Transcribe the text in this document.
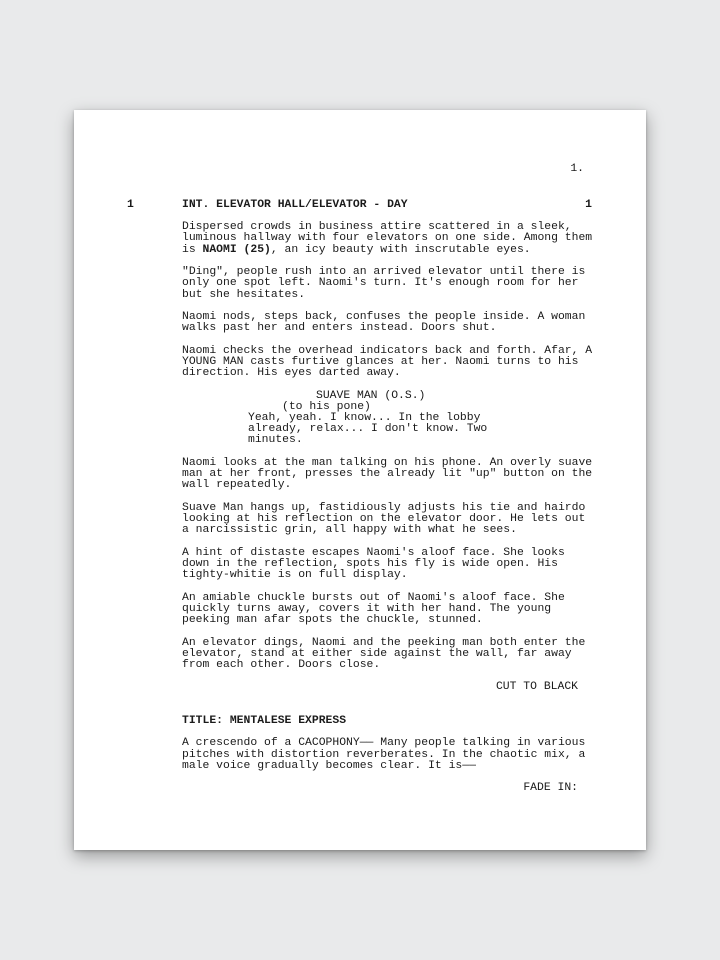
1.
1	1
INT. ELEVATOR HALL/ELEVATOR - DAY
Dispersed crowds in business attire scattered in a sleek,
luminous hallway with four elevators on one side. Among them
is NAOMI (25), an icy beauty with inscrutable eyes.
"Ding", people rush into an arrived elevator until there is
only one spot left. Naomi's turn. It's enough room for her
but she hesitates.
Naomi nods, steps back, confuses the people inside. A woman
walks past her and enters instead. Doors shut.
Naomi checks the overhead indicators back and forth. Afar, A
YOUNG MAN casts furtive glances at her. Naomi turns to his
direction. His eyes darted away.
SUAVE MAN (O.S.)
(to his pone)
Yeah, yeah. I know... In the lobby
already, relax... I don't know. Two
minutes.
Naomi looks at the man talking on his phone. An overly suave
man at her front, presses the already lit "up" button on the
wall repeatedly.
Suave Man hangs up, fastidiously adjusts his tie and hairdo
looking at his reflection on the elevator door. He lets out
a narcissistic grin, all happy with what he sees.
A hint of distaste escapes Naomi's aloof face. She looks
down in the reflection, spots his fly is wide open. His
tighty-whitie is on full display.
An amiable chuckle bursts out of Naomi's aloof face. She
quickly turns away, covers it with her hand. The young
peeking man afar spots the chuckle, stunned.
An elevator dings, Naomi and the peeking man both enter the
elevator, stand at either side against the wall, far away
from each other. Doors close.
CUT TO BLACK
TITLE: MENTALESE EXPRESS
A crescendo of a CACOPHONY—— Many people talking in various
pitches with distortion reverberates. In the chaotic mix, a
male voice gradually becomes clear. It is——
FADE IN:
